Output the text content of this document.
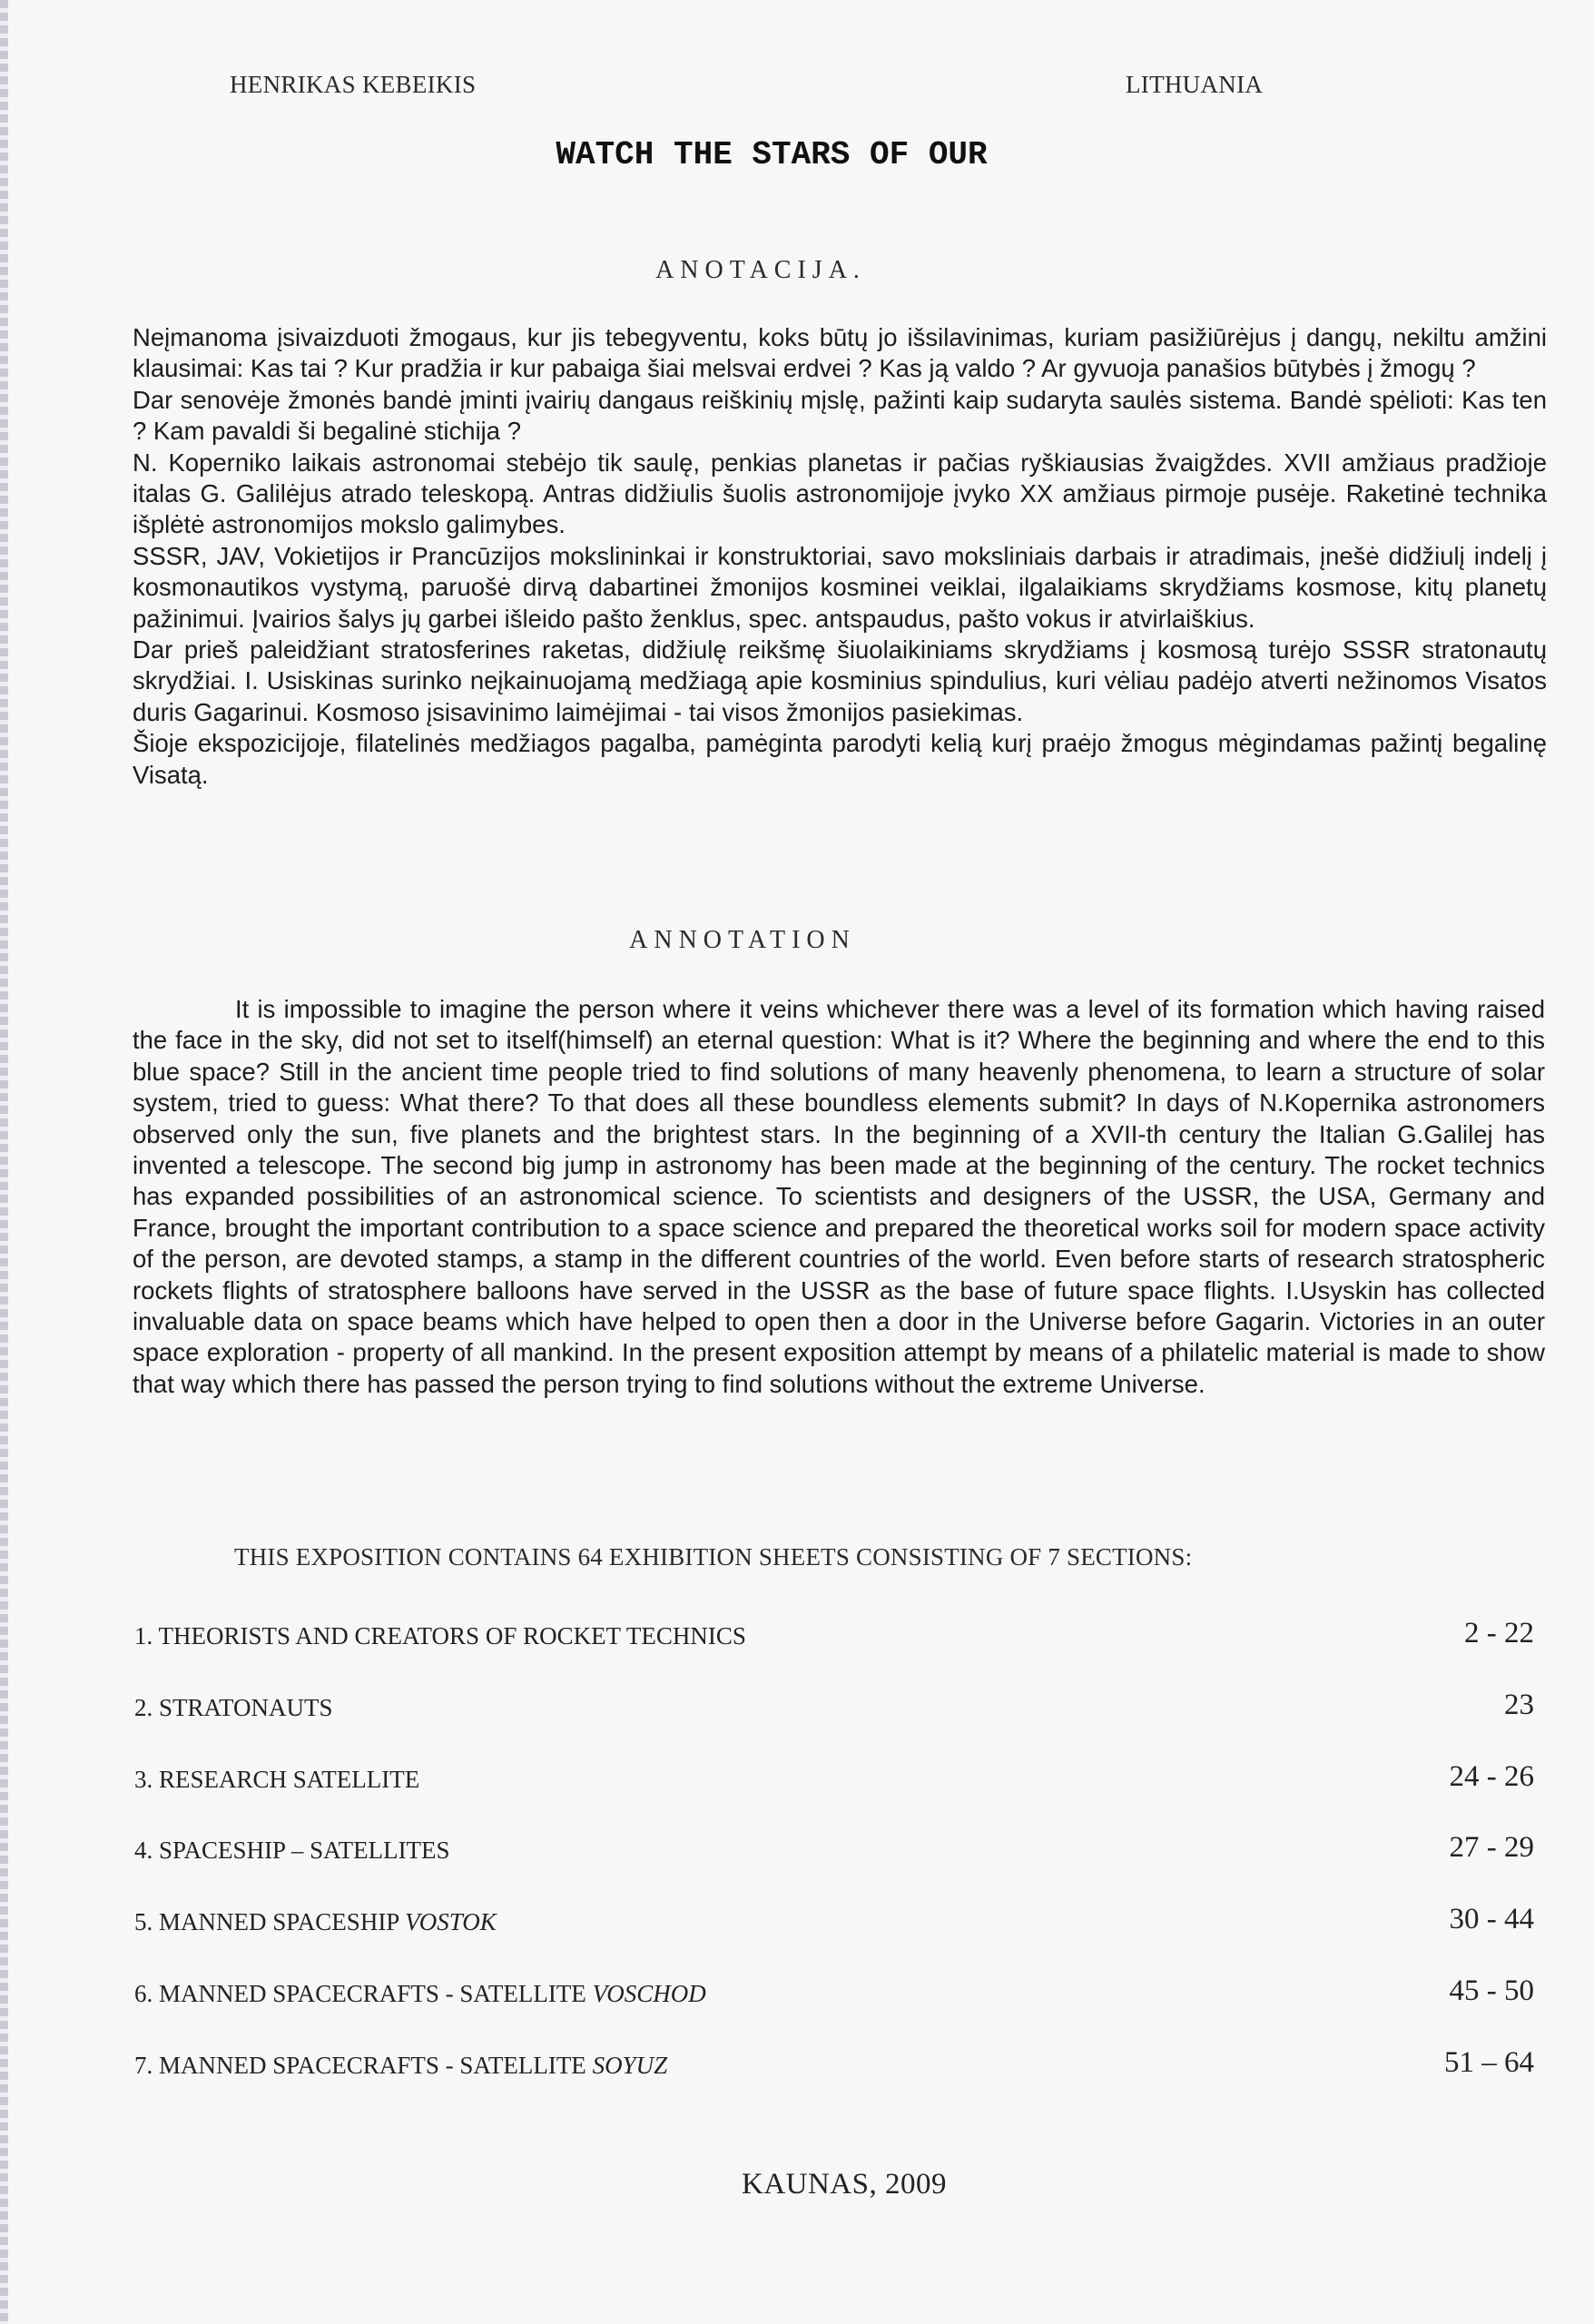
HENRIKAS KEBEIKIS	LITHUANIA
WATCH THE STARS OF OUR
ANOTACIJA.

Neįmanoma įsivaizduoti žmogaus, kur jis tebegyventu, koks būtų jo išsilavinimas, kuriam pasižiūrėjus į dangų, nekiltu amžini klausimai: Kas tai ? Kur pradžia ir kur pabaiga šiai melsvai erdvei ? Kas ją valdo ? Ar gyvuoja panašios būtybės į žmogų ?

Dar senovėje žmonės bandė įminti įvairių dangaus reiškinių mįslę, pažinti kaip sudaryta saulės sistema. Bandė spėlioti: Kas ten ? Kam pavaldi ši begalinė stichija ?

N. Koperniko laikais astronomai stebėjo tik saulę, penkias planetas ir pačias ryškiausias žvaigždes. XVII amžiaus pradžioje italas G. Galilėjus atrado teleskopą. Antras didžiulis šuolis astronomijoje įvyko XX amžiaus pirmoje pusėje. Raketinė technika išplėtė astronomijos mokslo galimybes.

SSSR, JAV, Vokietijos ir Prancūzijos mokslininkai ir konstruktoriai, savo moksliniais darbais ir atradimais, įnešė didžiulį indelį į kosmonautikos vystymą, paruošė dirvą dabartinei žmonijos kosminei veiklai, ilgalaikiams skrydžiams kosmose, kitų planetų pažinimui. Įvairios šalys jų garbei išleido pašto ženklus, spec. antspaudus, pašto vokus ir atvirlaiškius.

Dar prieš paleidžiant stratosferines raketas, didžiulę reikšmę šiuolaikiniams skrydžiams į kosmosą turėjo SSSR stratonautų skrydžiai. I. Usiskinas surinko neįkainuojamą medžiagą apie kosminius spindulius, kuri vėliau padėjo atverti nežinomos Visatos duris Gagarinui. Kosmoso įsisavinimo laimėjimai - tai visos žmonijos pasiekimas.

Šioje ekspozicijoje, filatelinės medžiagos pagalba, pamėginta parodyti kelią kurį praėjo žmogus mėgindamas pažintį begalinę Visatą.

ANNOTATION

It is impossible to imagine the person where it veins whichever there was a level of its formation which having raised the face in the sky, did not set to itself(himself) an eternal question: What is it? Where the beginning and where the end to this blue space? Still in the ancient time people tried to find solutions of many heavenly phenomena, to learn a structure of solar system, tried to guess: What there? To that does all these boundless elements submit? In days of N.Kopernika astronomers observed only the sun, five planets and the brightest stars. In the beginning of a XVII-th century the Italian G.Galilej has invented a telescope. The second big jump in astronomy has been made at the beginning of the century. The rocket technics has expanded possibilities of an astronomical science. To scientists and designers of the USSR, the USA, Germany and France, brought the important contribution to a space science and prepared the theoretical works soil for modern space activity of the person, are devoted stamps, a stamp in the different countries of the world. Even before starts of research stratospheric rockets flights of stratosphere balloons have served in the USSR as the base of future space flights. I.Usyskin has collected invaluable data on space beams which have helped to open then a door in the Universe before Gagarin. Victories in an outer space exploration - property of all mankind. In the present exposition attempt by means of a philatelic material is made to show that way which there has passed the person trying to find solutions without the extreme Universe.

THIS EXPOSITION CONTAINS 64 EXHIBITION SHEETS CONSISTING OF 7 SECTIONS:
1. THEORISTS AND CREATORS OF ROCKET TECHNICS	2 - 22
2. STRATONAUTS	23
3. RESEARCH SATELLITE	24 - 26
4. SPACESHIP – SATELLITES	27 - 29
5. MANNED SPACESHIP VOSTOK	30 - 44
6. MANNED SPACECRAFTS - SATELLITE VOSCHOD	45 - 50
7. MANNED SPACECRAFTS - SATELLITE SOYUZ	51 – 64
KAUNAS, 2009
